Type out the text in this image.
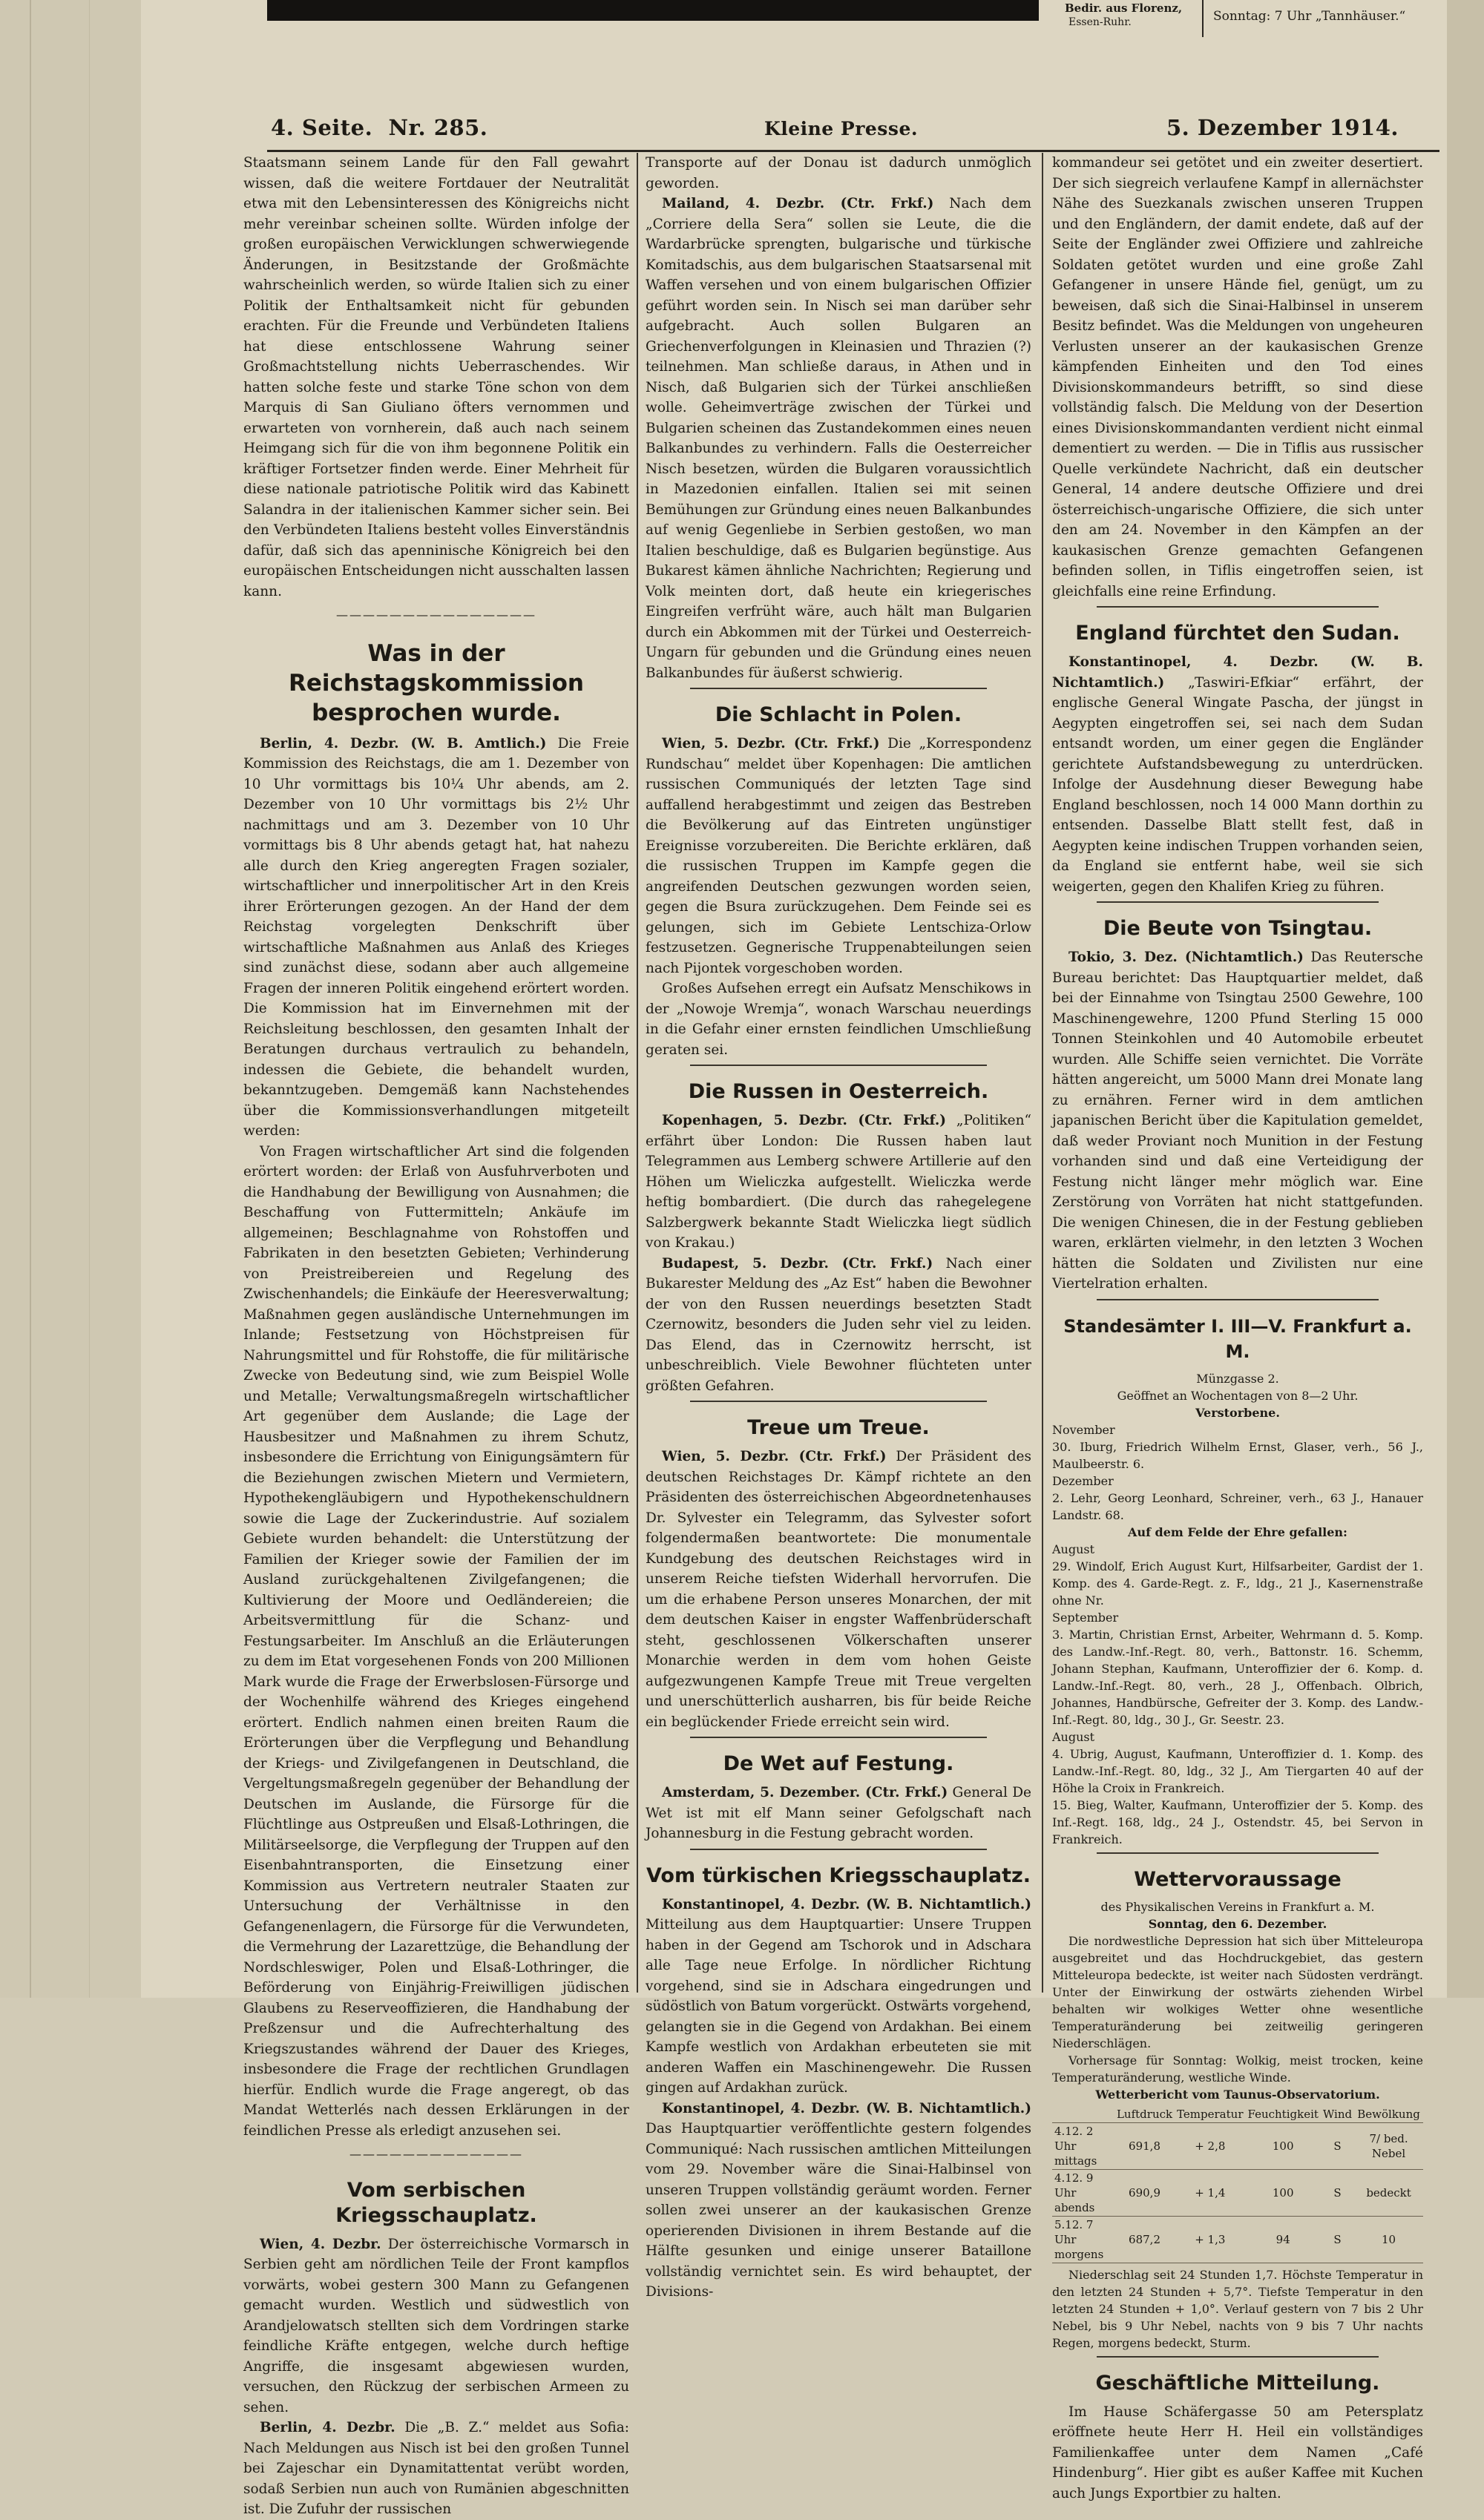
Bedir. aus Florenz,
Essen-Ruhr.	Sonntag: 7 Uhr „Tannhäuser.“
4. Seite. Nr. 285.	Kleine Presse.	5. Dezember 1914.

Staatsmann seinem Lande für den Fall gewahrt wissen, daß die weitere Fortdauer der Neutralität etwa mit den Lebensinteressen des Königreichs nicht mehr vereinbar scheinen sollte. Würden infolge der großen europäischen Verwicklungen schwerwiegende Änderungen, in Besitzstande der Großmächte wahrscheinlich werden, so würde Italien sich zu einer Politik der Enthaltsamkeit nicht für gebunden erachten. Für die Freunde und Verbündeten Italiens hat diese entschlossene Wahrung seiner Großmachtstellung nichts Ueberraschendes. Wir hatten solche feste und starke Töne schon von dem Marquis di San Giuliano öfters vernommen und erwarteten von vornherein, daß auch nach seinem Heimgang sich für die von ihm begonnene Politik ein kräftiger Fortsetzer finden werde. Einer Mehrheit für diese nationale patriotische Politik wird das Kabinett Salandra in der italienischen Kammer sicher sein. Bei den Verbündeten Italiens besteht volles Einverständnis dafür, daß sich das apenninische Königreich bei den europäischen Entscheidungen nicht ausschalten lassen kann.

———————————————
Was in der Reichstagskommission besprochen wurde.

Berlin, 4. Dezbr. (W. B. Amtlich.) Die Freie Kommission des Reichstags, die am 1. Dezember von 10 Uhr vormittags bis 10¼ Uhr abends, am 2. Dezember von 10 Uhr vormittags bis 2½ Uhr nachmittags und am 3. Dezember von 10 Uhr vormittags bis 8 Uhr abends getagt hat, hat nahezu alle durch den Krieg angeregten Fragen sozialer, wirtschaftlicher und innerpolitischer Art in den Kreis ihrer Erörterungen gezogen. An der Hand der dem Reichstag vorgelegten Denkschrift über wirtschaftliche Maßnahmen aus Anlaß des Krieges sind zunächst diese, sodann aber auch allgemeine Fragen der inneren Politik eingehend erörtert worden. Die Kommission hat im Einvernehmen mit der Reichsleitung beschlossen, den gesamten Inhalt der Beratungen durchaus vertraulich zu behandeln, indessen die Gebiete, die behandelt wurden, bekanntzugeben. Demgemäß kann Nachstehendes über die Kommissionsverhandlungen mitgeteilt werden:

Von Fragen wirtschaftlicher Art sind die folgenden erörtert worden: der Erlaß von Ausfuhrverboten und die Handhabung der Bewilligung von Ausnahmen; die Beschaffung von Futtermitteln; Ankäufe im allgemeinen; Beschlagnahme von Rohstoffen und Fabrikaten in den besetzten Gebieten; Verhinderung von Preistreibereien und Regelung des Zwischenhandels; die Einkäufe der Heeresverwaltung; Maßnahmen gegen ausländische Unternehmungen im Inlande; Festsetzung von Höchstpreisen für Nahrungsmittel und für Rohstoffe, die für militärische Zwecke von Bedeutung sind, wie zum Beispiel Wolle und Metalle; Verwaltungsmaßregeln wirtschaftlicher Art gegenüber dem Auslande; die Lage der Hausbesitzer und Maßnahmen zu ihrem Schutz, insbesondere die Errichtung von Einigungsämtern für die Beziehungen zwischen Mietern und Vermietern, Hypothekengläubigern und Hypothekenschuldnern sowie die Lage der Zuckerindustrie. Auf sozialem Gebiete wurden behandelt: die Unterstützung der Familien der Krieger sowie der Familien der im Ausland zurückgehaltenen Zivilgefangenen; die Kultivierung der Moore und Oedländereien; die Arbeitsvermittlung für die Schanz- und Festungsarbeiter. Im Anschluß an die Erläuterungen zu dem im Etat vorgesehenen Fonds von 200 Millionen Mark wurde die Frage der Erwerbslosen-Fürsorge und der Wochenhilfe während des Krieges eingehend erörtert. Endlich nahmen einen breiten Raum die Erörterungen über die Verpflegung und Behandlung der Kriegs- und Zivilgefangenen in Deutschland, die Vergeltungsmaßregeln gegenüber der Behandlung der Deutschen im Auslande, die Fürsorge für die Flüchtlinge aus Ostpreußen und Elsaß-Lothringen, die Militärseelsorge, die Verpflegung der Truppen auf den Eisenbahntransporten, die Einsetzung einer Kommission aus Vertretern neutraler Staaten zur Untersuchung der Verhältnisse in den Gefangenenlagern, die Fürsorge für die Verwundeten, die Vermehrung der Lazarettzüge, die Behandlung der Nordschleswiger, Polen und Elsaß-Lothringer, die Beförderung von Einjährig-Freiwilligen jüdischen Glaubens zu Reserveoffizieren, die Handhabung der Preßzensur und die Aufrechterhaltung des Kriegszustandes während der Dauer des Krieges, insbesondere die Frage der rechtlichen Grundlagen hierfür. Endlich wurde die Frage angeregt, ob das Mandat Wetterlés nach dessen Erklärungen in der feindlichen Presse als erledigt anzusehen sei.

—————————————
Vom serbischen Kriegsschauplatz.

Wien, 4. Dezbr. Der österreichische Vormarsch in Serbien geht am nördlichen Teile der Front kampflos vorwärts, wobei gestern 300 Mann zu Gefangenen gemacht wurden. Westlich und südwestlich von Arandjelowatsch stellten sich dem Vordringen starke feindliche Kräfte entgegen, welche durch heftige Angriffe, die insgesamt abgewiesen wurden, versuchen, den Rückzug der serbischen Armeen zu sehen.

Berlin, 4. Dezbr. Die „B. Z.“ meldet aus Sofia: Nach Meldungen aus Nisch ist bei den großen Tunnel bei Zajeschar ein Dynamitattentat verübt worden, sodaß Serbien nun auch von Rumänien abgeschnitten ist. Die Zufuhr der russischen

Transporte auf der Donau ist dadurch unmöglich geworden.

Mailand, 4. Dezbr. (Ctr. Frkf.) Nach dem „Corriere della Sera“ sollen sie Leute, die die Wardarbrücke sprengten, bulgarische und türkische Komitadschis, aus dem bulgarischen Staatsarsenal mit Waffen versehen und von einem bulgarischen Offizier geführt worden sein. In Nisch sei man darüber sehr aufgebracht. Auch sollen Bulgaren an Griechenverfolgungen in Kleinasien und Thrazien (?) teilnehmen. Man schließe daraus, in Athen und in Nisch, daß Bulgarien sich der Türkei anschließen wolle. Geheimverträge zwischen der Türkei und Bulgarien scheinen das Zustandekommen eines neuen Balkanbundes zu verhindern. Falls die Oesterreicher Nisch besetzen, würden die Bulgaren voraussichtlich in Mazedonien einfallen. Italien sei mit seinen Bemühungen zur Gründung eines neuen Balkanbundes auf wenig Gegenliebe in Serbien gestoßen, wo man Italien beschuldige, daß es Bulgarien begünstige. Aus Bukarest kämen ähnliche Nachrichten; Regierung und Volk meinten dort, daß heute ein kriegerisches Eingreifen verfrüht wäre, auch hält man Bulgarien durch ein Abkommen mit der Türkei und Oesterreich-Ungarn für gebunden und die Gründung eines neuen Balkanbundes für äußerst schwierig.

Die Schlacht in Polen.

Wien, 5. Dezbr. (Ctr. Frkf.) Die „Korrespondenz Rundschau“ meldet über Kopenhagen: Die amtlichen russischen Communiqués der letzten Tage sind auffallend herabgestimmt und zeigen das Bestreben die Bevölkerung auf das Eintreten ungünstiger Ereignisse vorzubereiten. Die Berichte erklären, daß die russischen Truppen im Kampfe gegen die angreifenden Deutschen gezwungen worden seien, gegen die Bsura zurückzugehen. Dem Feinde sei es gelungen, sich im Gebiete Lentschiza-Orlow festzusetzen. Gegnerische Truppenabteilungen seien nach Pijontek vorgeschoben worden.

Großes Aufsehen erregt ein Aufsatz Menschikows in der „Nowoje Wremja“, wonach Warschau neuerdings in die Gefahr einer ernsten feindlichen Umschließung geraten sei.

Die Russen in Oesterreich.

Kopenhagen, 5. Dezbr. (Ctr. Frkf.) „Politiken“ erfährt über London: Die Russen haben laut Telegrammen aus Lemberg schwere Artillerie auf den Höhen um Wieliczka aufgestellt. Wieliczka werde heftig bombardiert. (Die durch das rahegelegene Salzbergwerk bekannte Stadt Wieliczka liegt südlich von Krakau.)

Budapest, 5. Dezbr. (Ctr. Frkf.) Nach einer Bukarester Meldung des „Az Est“ haben die Bewohner der von den Russen neuerdings besetzten Stadt Czernowitz, besonders die Juden sehr viel zu leiden. Das Elend, das in Czernowitz herrscht, ist unbeschreiblich. Viele Bewohner flüchteten unter größten Gefahren.

Treue um Treue.

Wien, 5. Dezbr. (Ctr. Frkf.) Der Präsident des deutschen Reichstages Dr. Kämpf richtete an den Präsidenten des österreichischen Abgeordnetenhauses Dr. Sylvester ein Telegramm, das Sylvester sofort folgendermaßen beantwortete: Die monumentale Kundgebung des deutschen Reichstages wird in unserem Reiche tiefsten Widerhall hervorrufen. Die um die erhabene Person unseres Monarchen, der mit dem deutschen Kaiser in engster Waffenbrüderschaft steht, geschlossenen Völkerschaften unserer Monarchie werden in dem vom hohen Geiste aufgezwungenen Kampfe Treue mit Treue vergelten und unerschütterlich ausharren, bis für beide Reiche ein beglückender Friede erreicht sein wird.

De Wet auf Festung.

Amsterdam, 5. Dezember. (Ctr. Frkf.) General De Wet ist mit elf Mann seiner Gefolgschaft nach Johannesburg in die Festung gebracht worden.

Vom türkischen Kriegsschauplatz.

Konstantinopel, 4. Dezbr. (W. B. Nichtamtlich.) Mitteilung aus dem Hauptquartier: Unsere Truppen haben in der Gegend am Tschorok und in Adschara alle Tage neue Erfolge. In nördlicher Richtung vorgehend, sind sie in Adschara eingedrungen und südöstlich von Batum vorgerückt. Ostwärts vorgehend, gelangten sie in die Gegend von Ardakhan. Bei einem Kampfe westlich von Ardakhan erbeuteten sie mit anderen Waffen ein Maschinengewehr. Die Russen gingen auf Ardakhan zurück.

Konstantinopel, 4. Dezbr. (W. B. Nichtamtlich.) Das Hauptquartier veröffentlichte gestern folgendes Communiqué: Nach russischen amtlichen Mitteilungen vom 29. November wäre die Sinai-Halbinsel von unseren Truppen vollständig geräumt worden. Ferner sollen zwei unserer an der kaukasischen Grenze operierenden Divisionen in ihrem Bestande auf die Hälfte gesunken und einige unserer Bataillone vollständig vernichtet sein. Es wird behauptet, der Divisions-

kommandeur sei getötet und ein zweiter desertiert. Der sich siegreich verlaufene Kampf in allernächster Nähe des Suezkanals zwischen unseren Truppen und den Engländern, der damit endete, daß auf der Seite der Engländer zwei Offiziere und zahlreiche Soldaten getötet wurden und eine große Zahl Gefangener in unsere Hände fiel, genügt, um zu beweisen, daß sich die Sinai-Halbinsel in unserem Besitz befindet. Was die Meldungen von ungeheuren Verlusten unserer an der kaukasischen Grenze kämpfenden Einheiten und den Tod eines Divisionskommandeurs betrifft, so sind diese vollständig falsch. Die Meldung von der Desertion eines Divisionskommandanten verdient nicht einmal dementiert zu werden. — Die in Tiflis aus russischer Quelle verkündete Nachricht, daß ein deutscher General, 14 andere deutsche Offiziere und drei österreichisch-ungarische Offiziere, die sich unter den am 24. November in den Kämpfen an der kaukasischen Grenze gemachten Gefangenen befinden sollen, in Tiflis eingetroffen seien, ist gleichfalls eine reine Erfindung.

England fürchtet den Sudan.

Konstantinopel, 4. Dezbr. (W. B. Nichtamtlich.) „Taswiri-Efkiar“ erfährt, der englische General Wingate Pascha, der jüngst in Aegypten eingetroffen sei, sei nach dem Sudan entsandt worden, um einer gegen die Engländer gerichtete Aufstandsbewegung zu unterdrücken. Infolge der Ausdehnung dieser Bewegung habe England beschlossen, noch 14 000 Mann dorthin zu entsenden. Dasselbe Blatt stellt fest, daß in Aegypten keine indischen Truppen vorhanden seien, da England sie entfernt habe, weil sie sich weigerten, gegen den Khalifen Krieg zu führen.

Die Beute von Tsingtau.

Tokio, 3. Dez. (Nichtamtlich.) Das Reutersche Bureau berichtet: Das Hauptquartier meldet, daß bei der Einnahme von Tsingtau 2500 Gewehre, 100 Maschinengewehre, 1200 Pfund Sterling 15 000 Tonnen Steinkohlen und 40 Automobile erbeutet wurden. Alle Schiffe seien vernichtet. Die Vorräte hätten angereicht, um 5000 Mann drei Monate lang zu ernähren. Ferner wird in dem amtlichen japanischen Bericht über die Kapitulation gemeldet, daß weder Proviant noch Munition in der Festung vorhanden sind und daß eine Verteidigung der Festung nicht länger mehr möglich war. Eine Zerstörung von Vorräten hat nicht stattgefunden. Die wenigen Chinesen, die in der Festung geblieben waren, erklärten vielmehr, in den letzten 3 Wochen hätten die Soldaten und Zivilisten nur eine Viertelration erhalten.

Standesämter I. III—V. Frankfurt a. M.

Münzgasse 2.

Geöffnet an Wochentagen von 8—2 Uhr.

Verstorbene.

November

30. Iburg, Friedrich Wilhelm Ernst, Glaser, verh., 56 J., Maulbeerstr. 6.

Dezember

2. Lehr, Georg Leonhard, Schreiner, verh., 63 J., Hanauer Landstr. 68.

Auf dem Felde der Ehre gefallen:

August

29. Windolf, Erich August Kurt, Hilfsarbeiter, Gardist der 1. Komp. des 4. Garde-Regt. z. F., ldg., 21 J., Kasernenstraße ohne Nr.

September

3. Martin, Christian Ernst, Arbeiter, Wehrmann d. 5. Komp. des Landw.-Inf.-Regt. 80, verh., Battonstr. 16. Schemm, Johann Stephan, Kaufmann, Unteroffizier der 6. Komp. d. Landw.-Inf.-Regt. 80, verh., 28 J., Offenbach. Olbrich, Johannes, Handbürsche, Gefreiter der 3. Komp. des Landw.-Inf.-Regt. 80, ldg., 30 J., Gr. Seestr. 23.

August

4. Ubrig, August, Kaufmann, Unteroffizier d. 1. Komp. des Landw.-Inf.-Regt. 80, ldg., 32 J., Am Tiergarten 40 auf der Höhe la Croix in Frankreich.

15. Bieg, Walter, Kaufmann, Unteroffizier der 5. Komp. des Inf.-Regt. 168, ldg., 24 J., Ostendstr. 45, bei Servon in Frankreich.

Wettervoraussage

des Physikalischen Vereins in Frankfurt a. M.

Sonntag, den 6. Dezember.

Die nordwestliche Depression hat sich über Mitteleuropa ausgebreitet und das Hochdruckgebiet, das gestern Mitteleuropa bedeckte, ist weiter nach Südosten verdrängt. Unter der Einwirkung der ostwärts ziehenden Wirbel behalten wir wolkiges Wetter ohne wesentliche Temperaturänderung bei zeitweilig geringeren Niederschlägen.

Vorhersage für Sonntag: Wolkig, meist trocken, keine Temperaturänderung, westliche Winde.

Wetterbericht vom Taunus-Observatorium.

	Luftdruck	Temperatur	Feuchtigkeit	Wind	Bewölkung
4.12. 2 Uhr mittags	691,8	+ 2,8	100	S	7/ bed. Nebel
4.12. 9 Uhr abends	690,9	+ 1,4	100	S	bedeckt
5.12. 7 Uhr morgens	687,2	+ 1,3	94	S	10

Niederschlag seit 24 Stunden 1,7. Höchste Temperatur in den letzten 24 Stunden + 5,7°. Tiefste Temperatur in den letzten 24 Stunden + 1,0°. Verlauf gestern von 7 bis 2 Uhr Nebel, bis 9 Uhr Nebel, nachts von 9 bis 7 Uhr nachts Regen, morgens bedeckt, Sturm.

Geschäftliche Mitteilung.

Im Hause Schäfergasse 50 am Petersplatz eröffnete heute Herr H. Heil ein vollständiges Familienkaffee unter dem Namen „Café Hindenburg“. Hier gibt es außer Kaffee mit Kuchen auch Jungs Exportbier zu halten.
